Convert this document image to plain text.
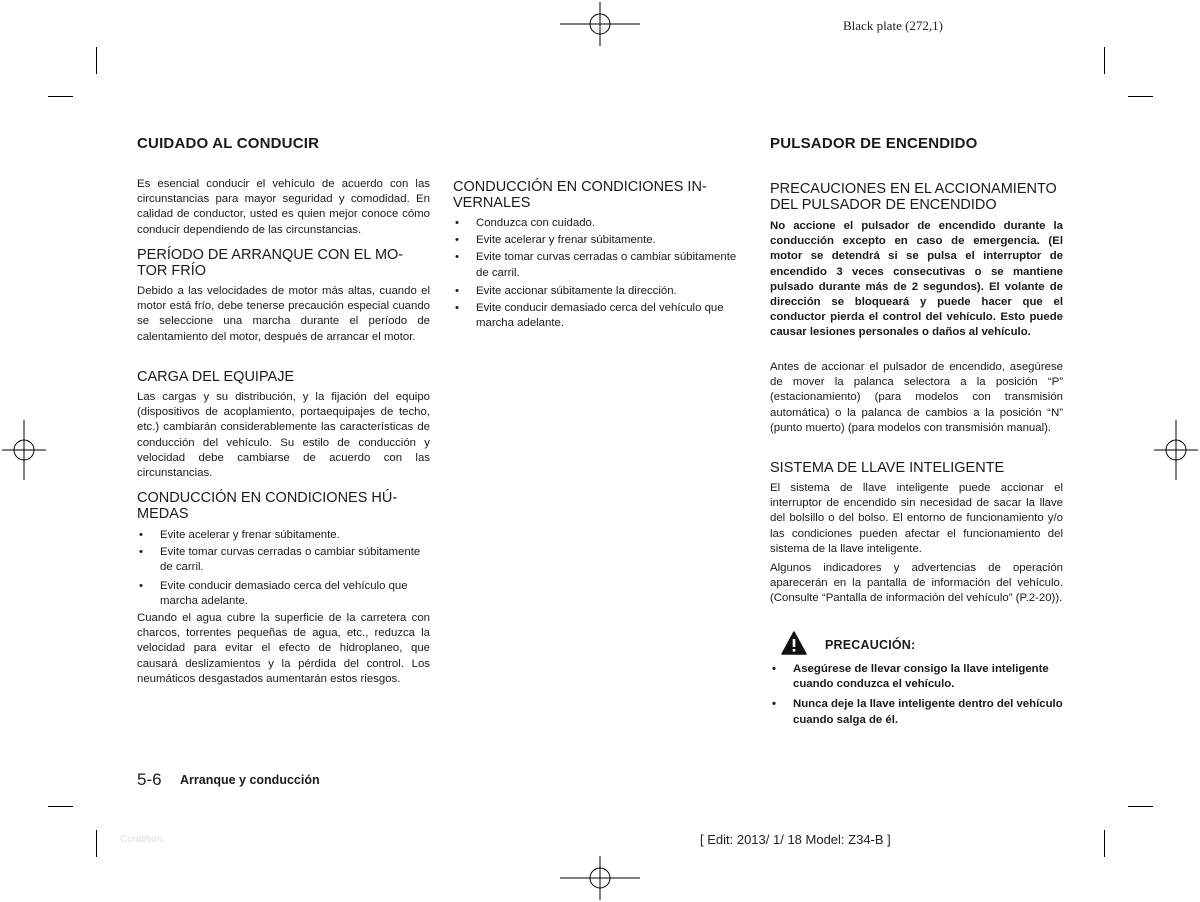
Black plate (272,1)
CUIDADO AL CONDUCIR
Es esencial conducir el vehículo de acuerdo con las circunstancias para mayor seguridad y comodidad. En calidad de conductor, usted es quien mejor conoce cómo conducir dependiendo de las circunstancias.
PERÍODO DE ARRANQUE CON EL MO-TOR FRÍO
Debido a las velocidades de motor más altas, cuando el motor está frío, debe tenerse precaución especial cuando se seleccione una marcha durante el período de calentamiento del motor, después de arrancar el motor.
CARGA DEL EQUIPAJE
Las cargas y su distribución, y la fijación del equipo (dispositivos de acoplamiento, portaequipajes de techo, etc.) cambiarán considerablemente las características de conducción del vehículo. Su estilo de conducción y velocidad debe cambiarse de acuerdo con las circunstancias.
CONDUCCIÓN EN CONDICIONES HÚ-MEDAS
• Evite acelerar y frenar súbitamente.
• Evite tomar curvas cerradas o cambiar súbitamente de carril.
• Evite conducir demasiado cerca del vehículo que marcha adelante.
Cuando el agua cubre la superficie de la carretera con charcos, torrentes pequeñas de agua, etc., reduzca la velocidad para evitar el efecto de hidroplaneo, que causará deslizamientos y la pérdida del control. Los neumáticos desgastados aumentarán estos riesgos.
CONDUCCIÓN EN CONDICIONES IN-VERNALES
• Conduzca con cuidado.
• Evite acelerar y frenar súbitamente.
• Evite tomar curvas cerradas o cambiar súbitamente de carril.
• Evite accionar súbitamente la dirección.
• Evite conducir demasiado cerca del vehículo que marcha adelante.
PULSADOR DE ENCENDIDO
PRECAUCIONES EN EL ACCIONAMIENTO DEL PULSADOR DE ENCENDIDO
No accione el pulsador de encendido durante la conducción excepto en caso de emergencia. (El motor se detendrá si se pulsa el interruptor de encendido 3 veces consecutivas o se mantiene pulsado durante más de 2 segundos). El volante de dirección se bloqueará y puede hacer que el conductor pierda el control del vehículo. Esto puede causar lesiones personales o daños al vehículo.
Antes de accionar el pulsador de encendido, asegúrese de mover la palanca selectora a la posición “P” (estacionamiento) (para modelos con transmisión automática) o la palanca de cambios a la posición “N” (punto muerto) (para modelos con transmisión manual).
SISTEMA DE LLAVE INTELIGENTE
El sistema de llave inteligente puede accionar el interruptor de encendido sin necesidad de sacar la llave del bolsillo o del bolso. El entorno de funcionamiento y/o las condiciones pueden afectar el funcionamiento del sistema de la llave inteligente.
Algunos indicadores y advertencias de operación aparecerán en la pantalla de información del vehículo. (Consulte “Pantalla de información del vehículo” (P.2-20)).
PRECAUCIÓN:
• Asegúrese de llevar consigo la llave inteligente cuando conduzca el vehículo.
• Nunca deje la llave inteligente dentro del vehículo cuando salga de él.
5-6 Arranque y conducción
Condition:	[ Edit: 2013/ 1/ 18 Model: Z34-B ]
